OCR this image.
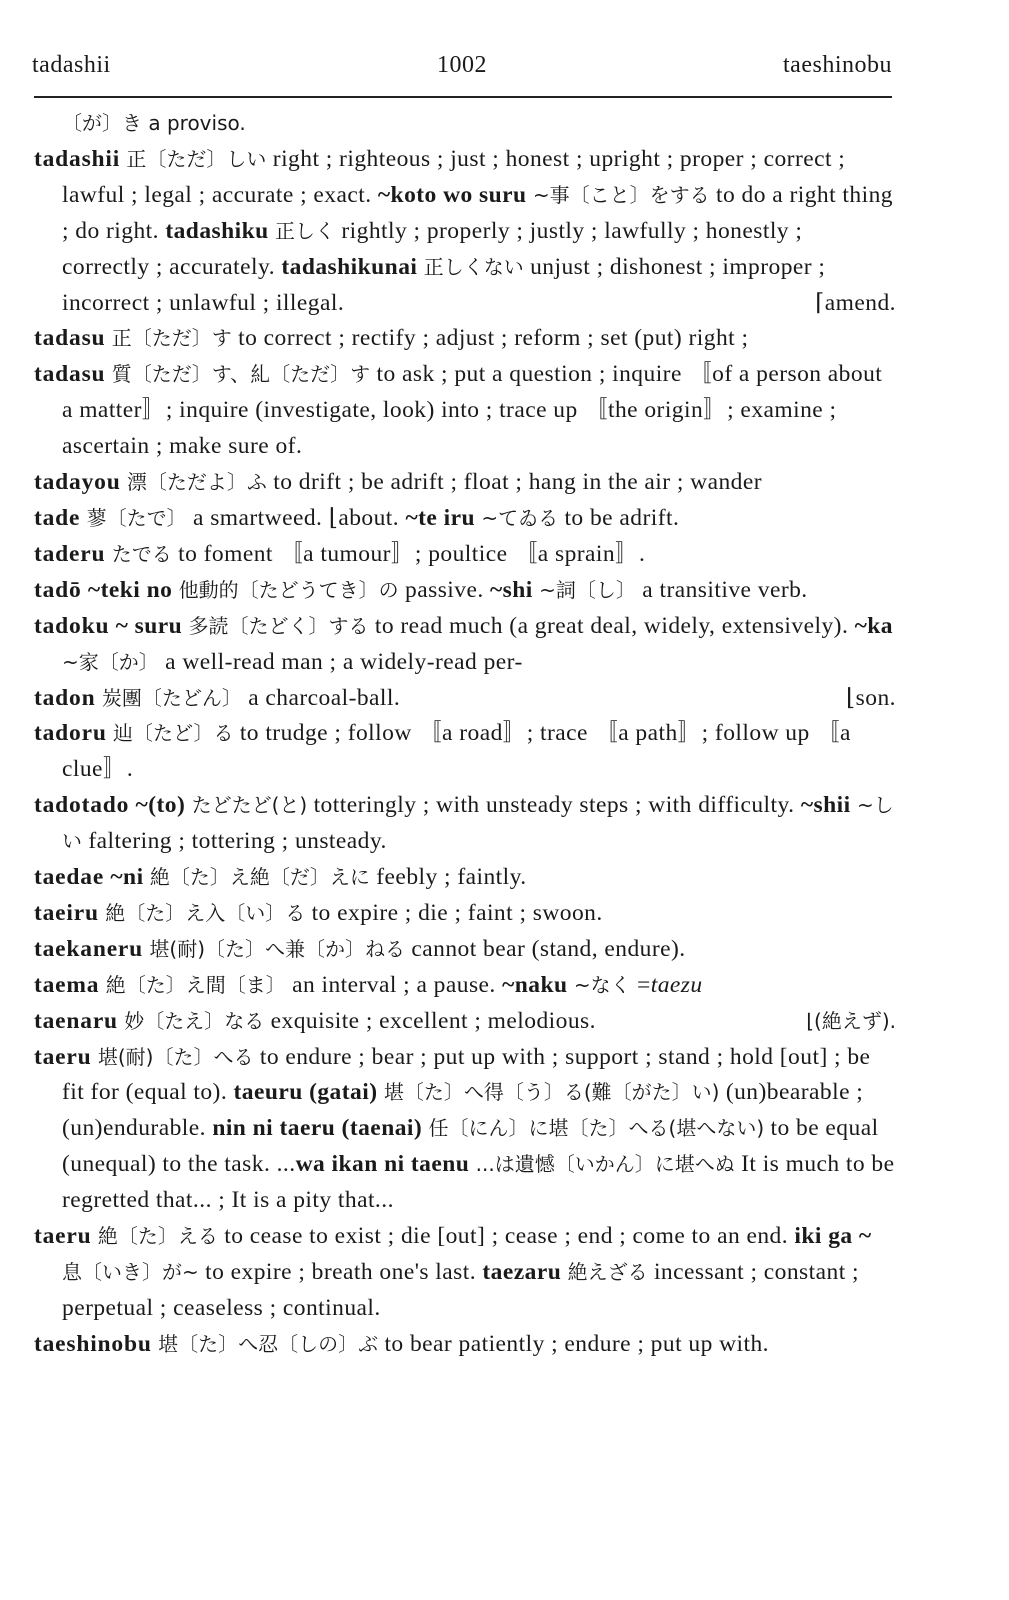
tadashii	1002	taeshinobu

〔が〕き a proviso.

tadashii 正〔ただ〕しい right ; righteous ; just ; honest ; upright ; proper ; correct ; lawful ; legal ; accurate ; exact. ~koto wo suru ~事〔こと〕をする to do a right thing ; do right. tadashiku 正しく rightly ; properly ; justly ; lawfully ; honestly ; correctly ; accurately. tadashikunai 正しくない unjust ; dishonest ; improper ; incorrect ; unlawful ; illegal.	⌈amend.

tadasu 正〔ただ〕す to correct ; rectify ; adjust ; reform ; set (put) right ;

tadasu 質〔ただ〕す、糺〔ただ〕す to ask ; put a question ; inquire 〚of a person about a matter〛; inquire (investigate, look) into ; trace up 〚the origin〛; examine ; ascertain ; make sure of.

tadayou 漂〔ただよ〕ふ to drift ; be adrift ; float ; hang in the air ; wander

tade 蓼〔たで〕 a smartweed. ⌊about. ~te iru ~てゐる to be adrift.

taderu たでる to foment 〚a tumour〛; poultice 〚a sprain〛.

tadō ~teki no 他動的〔たどうてき〕の passive. ~shi ~詞〔し〕 a transitive verb.

tadoku ~ suru 多読〔たどく〕する to read much (a great deal, widely, extensively). ~ka ~家〔か〕 a well-read man ; a widely-read per-

tadon 炭團〔たどん〕 a charcoal-ball.	⌊son.

tadoru 辿〔たど〕る to trudge ; follow 〚a road〛; trace 〚a path〛; follow up 〚a clue〛.

tadotado ~(to) たどたど(と) totteringly ; with unsteady steps ; with difficulty. ~shii ~しい faltering ; tottering ; unsteady.

taedae ~ni 絶〔た〕え絶〔だ〕えに feebly ; faintly.

taeiru 絶〔た〕え入〔い〕る to expire ; die ; faint ; swoon.

taekaneru 堪(耐)〔た〕へ兼〔か〕ねる cannot bear (stand, endure).

taema 絶〔た〕え間〔ま〕 an interval ; a pause. ~naku ~なく =taezu

taenaru 妙〔たえ〕なる exquisite ; excellent ; melodious.	⌊(絶えず).

taeru 堪(耐)〔た〕へる to endure ; bear ; put up with ; support ; stand ; hold [out] ; be fit for (equal to). taeuru (gatai) 堪〔た〕へ得〔う〕る(難〔がた〕い) (un)bearable ; (un)endurable. nin ni taeru (taenai) 任〔にん〕に堪〔た〕へる(堪へない) to be equal (unequal) to the task. ...wa ikan ni taenu ...は遺憾〔いかん〕に堪へぬ It is much to be regretted that... ; It is a pity that...

taeru 絶〔た〕える to cease to exist ; die [out] ; cease ; end ; come to an end. iki ga ~ 息〔いき〕が~ to expire ; breath one's last. taezaru 絶えざる incessant ; constant ; perpetual ; ceaseless ; continual.

taeshinobu 堪〔た〕へ忍〔しの〕ぶ to bear patiently ; endure ; put up with.
